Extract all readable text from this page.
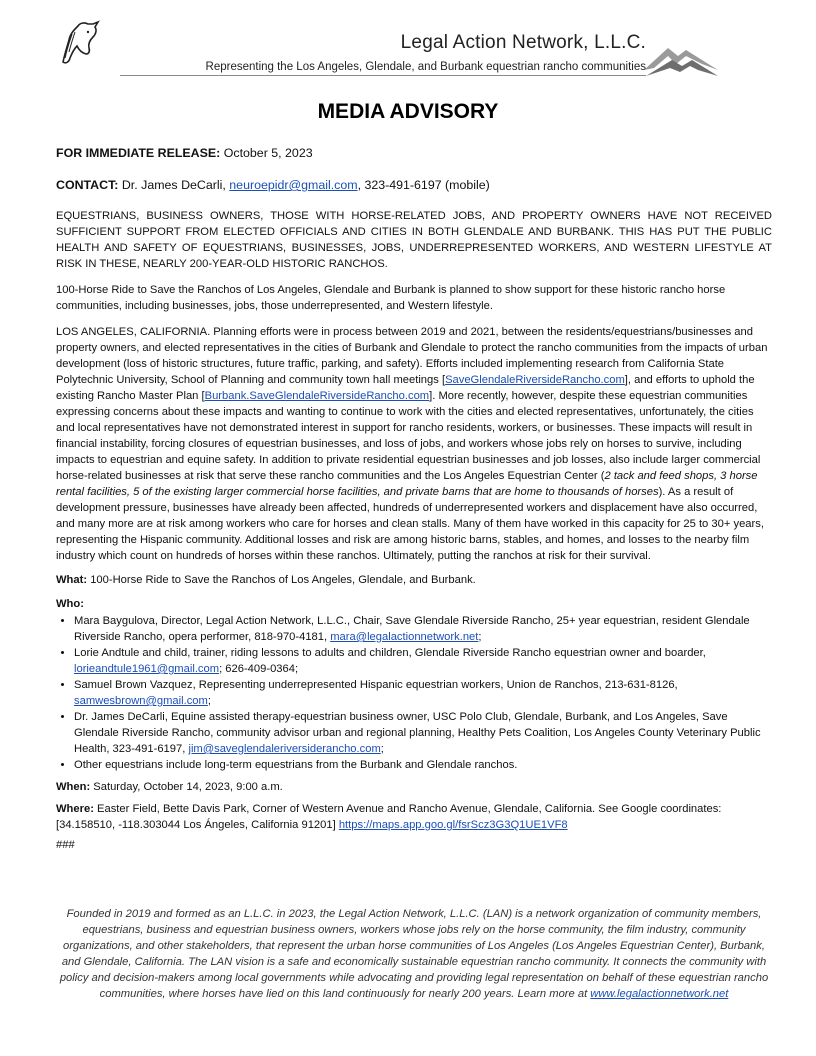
Legal Action Network, L.L.C.
Representing the Los Angeles, Glendale, and Burbank equestrian rancho communities
MEDIA ADVISORY

FOR IMMEDIATE RELEASE: October 5, 2023

CONTACT: Dr. James DeCarli, neuroepidr@gmail.com, 323-491-6197 (mobile)

EQUESTRIANS, BUSINESS OWNERS, THOSE WITH HORSE-RELATED JOBS, AND PROPERTY OWNERS HAVE NOT RECEIVED SUFFICIENT SUPPORT FROM ELECTED OFFICIALS AND CITIES IN BOTH GLENDALE AND BURBANK. THIS HAS PUT THE PUBLIC HEALTH AND SAFETY OF EQUESTRIANS, BUSINESSES, JOBS, UNDERREPRESENTED WORKERS, AND WESTERN LIFESTYLE AT RISK IN THESE, NEARLY 200-YEAR-OLD HISTORIC RANCHOS.

100-Horse Ride to Save the Ranchos of Los Angeles, Glendale and Burbank is planned to show support for these historic rancho horse communities, including businesses, jobs, those underrepresented, and Western lifestyle.

LOS ANGELES, CALIFORNIA. Planning efforts were in process between 2019 and 2021, between the residents/equestrians/businesses and property owners, and elected representatives in the cities of Burbank and Glendale to protect the rancho communities from the impacts of urban development (loss of historic structures, future traffic, parking, and safety). Efforts included implementing research from California State Polytechnic University, School of Planning and community town hall meetings [SaveGlendaleRiversideRancho.com], and efforts to uphold the existing Rancho Master Plan [Burbank.SaveGlendaleRiversideRancho.com]. More recently, however, despite these equestrian communities expressing concerns about these impacts and wanting to continue to work with the cities and elected representatives, unfortunately, the cities and local representatives have not demonstrated interest in support for rancho residents, workers, or businesses. These impacts will result in financial instability, forcing closures of equestrian businesses, and loss of jobs, and workers whose jobs rely on horses to survive, including impacts to equestrian and equine safety. In addition to private residential equestrian businesses and job losses, also include larger commercial horse-related businesses at risk that serve these rancho communities and the Los Angeles Equestrian Center (2 tack and feed shops, 3 horse rental facilities, 5 of the existing larger commercial horse facilities, and private barns that are home to thousands of horses). As a result of development pressure, businesses have already been affected, hundreds of underrepresented workers and displacement have also occurred, and many more are at risk among workers who care for horses and clean stalls. Many of them have worked in this capacity for 25 to 30+ years, representing the Hispanic community. Additional losses and risk are among historic barns, stables, and homes, and losses to the nearby film industry which count on hundreds of horses within these ranchos. Ultimately, putting the ranchos at risk for their survival.

What: 100-Horse Ride to Save the Ranchos of Los Angeles, Glendale, and Burbank.

Who:

• Mara Baygulova, Director, Legal Action Network, L.L.C., Chair, Save Glendale Riverside Rancho, 25+ year equestrian, resident Glendale Riverside Rancho, opera performer, 818-970-4181, mara@legalactionnetwork.net;
• Lorie Andtule and child, trainer, riding lessons to adults and children, Glendale Riverside Rancho equestrian owner and boarder, lorieandtule1961@gmail.com; 626-409-0364;
• Samuel Brown Vazquez, Representing underrepresented Hispanic equestrian workers, Union de Ranchos, 213-631-8126, samwesbrown@gmail.com;
• Dr. James DeCarli, Equine assisted therapy-equestrian business owner, USC Polo Club, Glendale, Burbank, and Los Angeles, Save Glendale Riverside Rancho, community advisor urban and regional planning, Healthy Pets Coalition, Los Angeles County Veterinary Public Health, 323-491-6197, jim@saveglendaleriversiderancho.com;
• Other equestrians include long-term equestrians from the Burbank and Glendale ranchos.

When: Saturday, October 14, 2023, 9:00 a.m.

Where: Easter Field, Bette Davis Park, Corner of Western Avenue and Rancho Avenue, Glendale, California. See Google coordinates: [34.158510, -118.303044 Los Ángeles, California 91201] https://maps.app.goo.gl/fsrScz3G3Q1UE1VF8

###

Founded in 2019 and formed as an L.L.C. in 2023, the Legal Action Network, L.L.C. (LAN) is a network organization of community members, equestrians, business and equestrian business owners, workers whose jobs rely on the horse community, the film industry, community organizations, and other stakeholders, that represent the urban horse communities of Los Angeles (Los Angeles Equestrian Center), Burbank, and Glendale, California. The LAN vision is a safe and economically sustainable equestrian rancho community. It connects the community with policy and decision-makers among local governments while advocating and providing legal representation on behalf of these equestrian rancho communities, where horses have lied on this land continuously for nearly 200 years. Learn more at www.legalactionnetwork.net
